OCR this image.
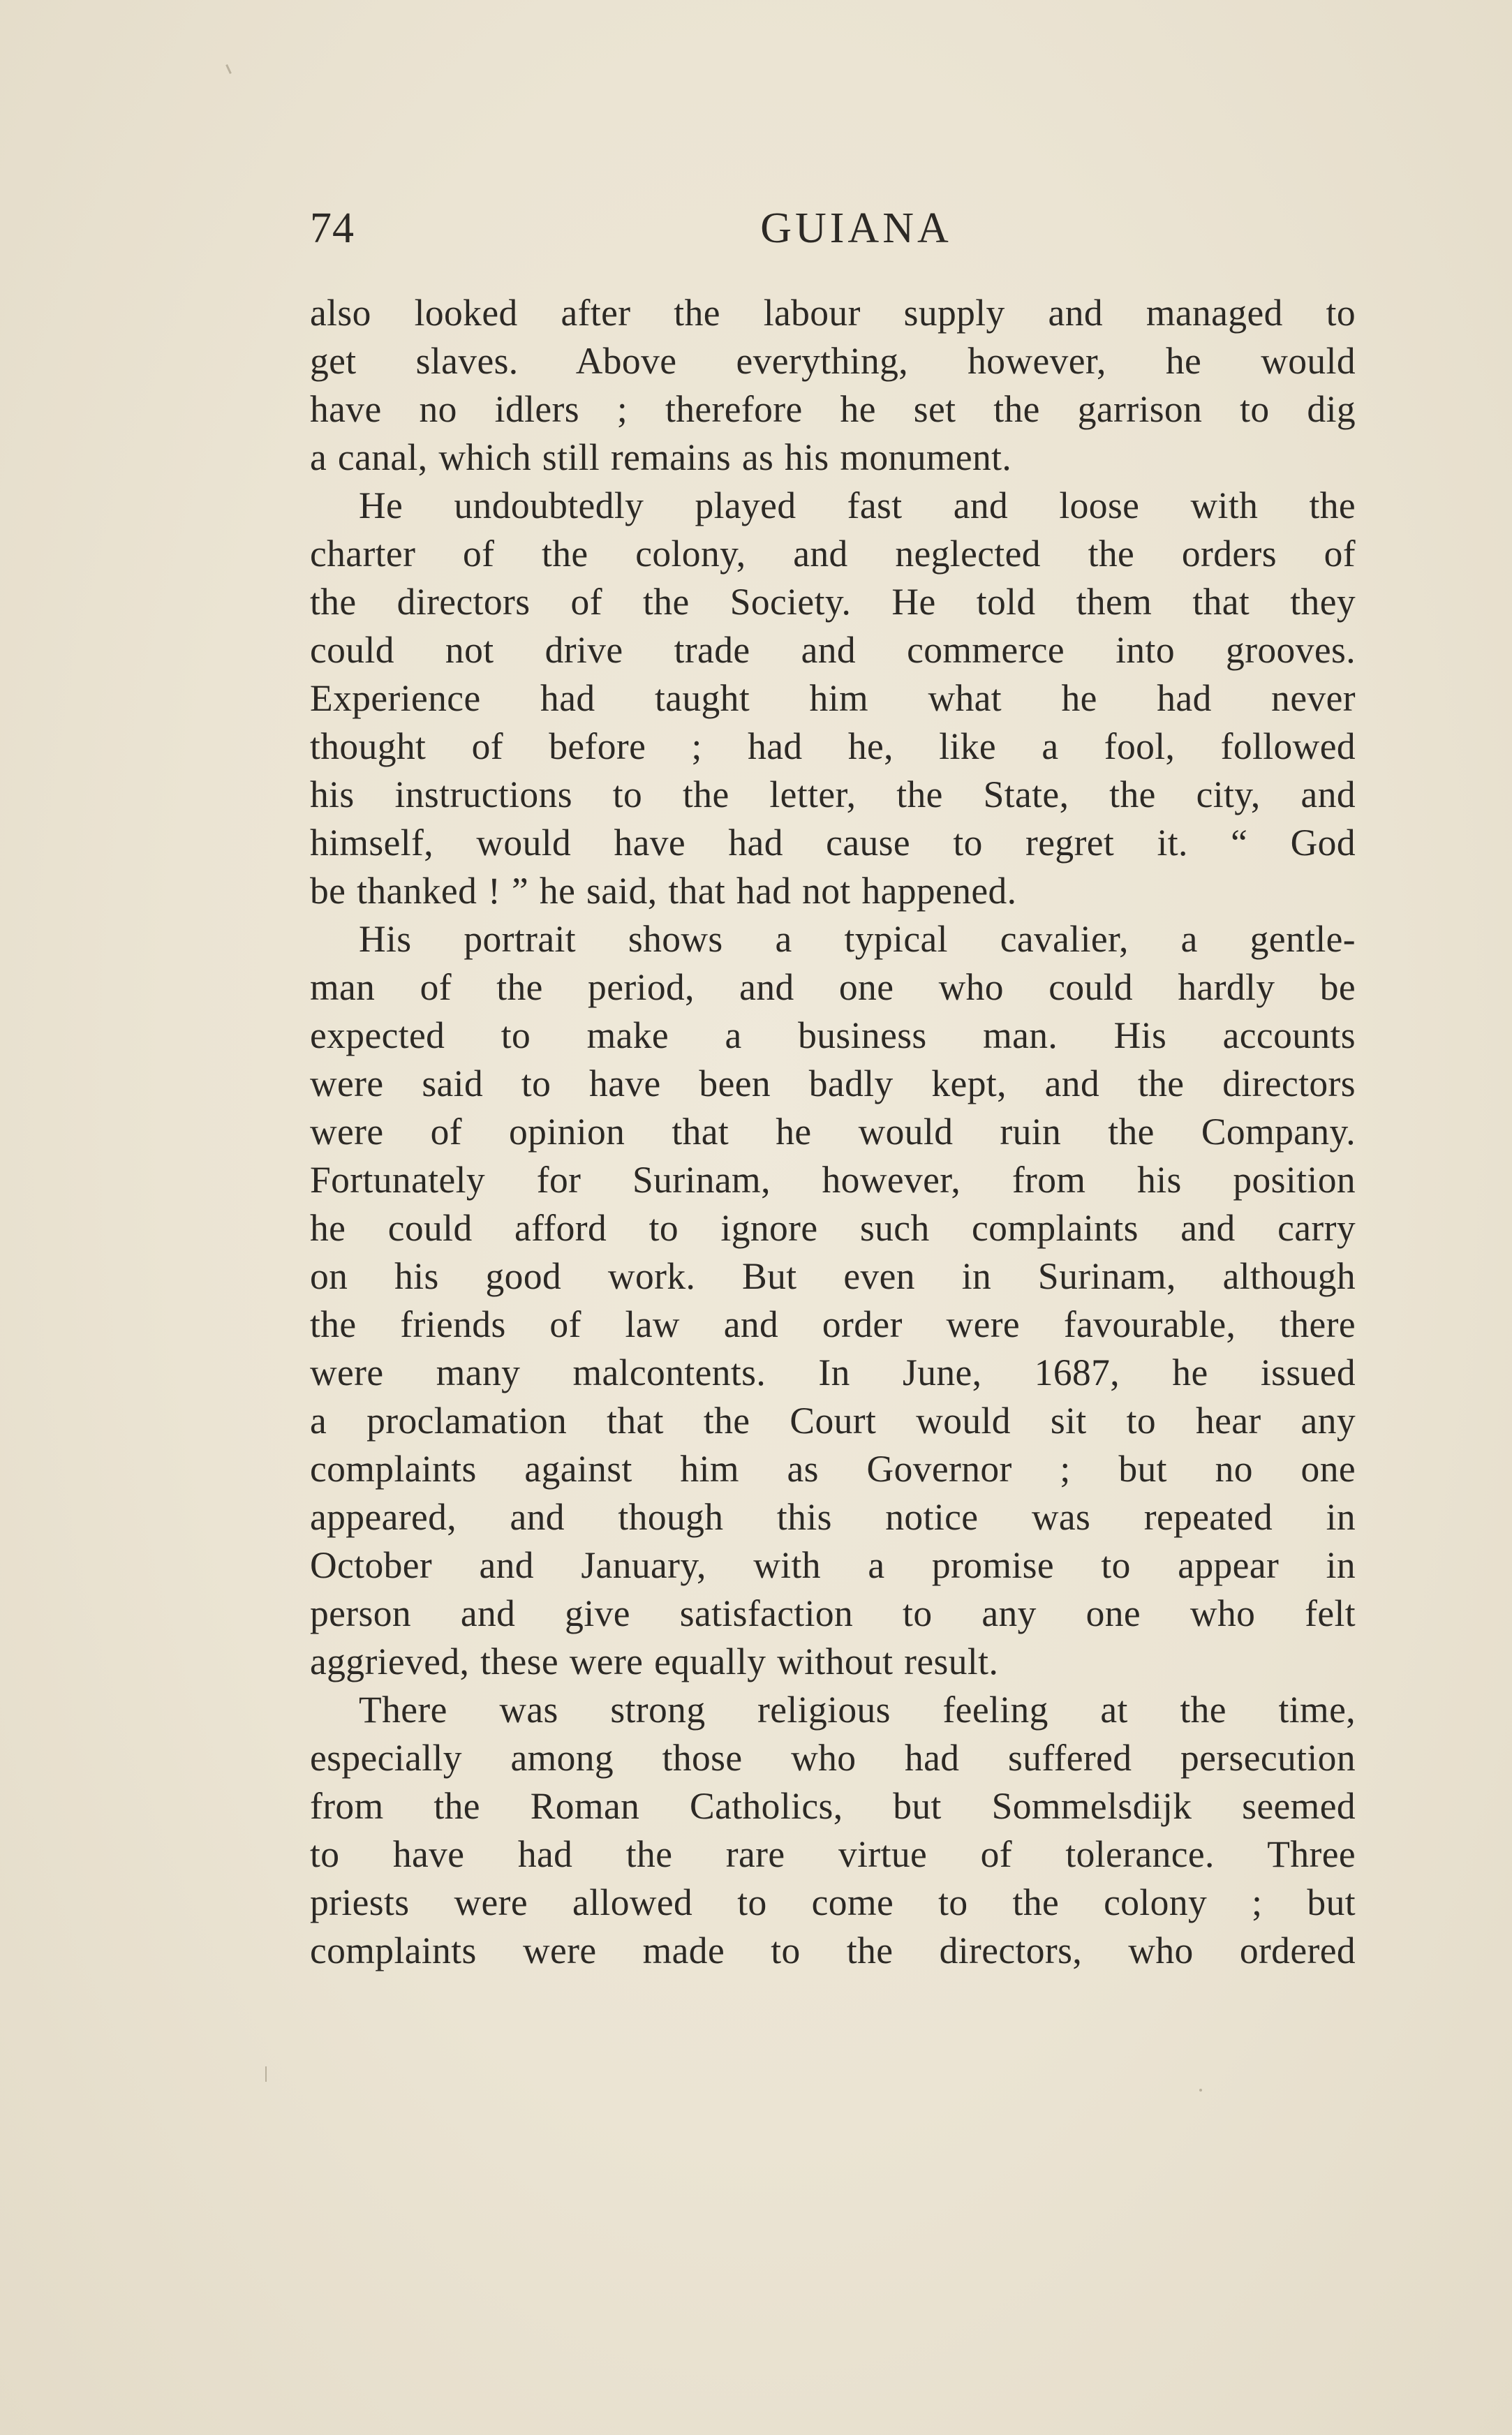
74	GUIANA
also looked after the labour supply and managed to
get slaves. Above everything, however, he would
have no idlers ; therefore he set the garrison to dig
a canal, which still remains as his monument.
He undoubtedly played fast and loose with the
charter of the colony, and neglected the orders of
the directors of the Society. He told them that they
could not drive trade and commerce into grooves.
Experience had taught him what he had never
thought of before ; had he, like a fool, followed
his instructions to the letter, the State, the city, and
himself, would have had cause to regret it. “ God
be thanked ! ” he said, that had not happened.
His portrait shows a typical cavalier, a gentle-
man of the period, and one who could hardly be
expected to make a business man. His accounts
were said to have been badly kept, and the directors
were of opinion that he would ruin the Company.
Fortunately for Surinam, however, from his position
he could afford to ignore such complaints and carry
on his good work. But even in Surinam, although
the friends of law and order were favourable, there
were many malcontents. In June, 1687, he issued
a proclamation that the Court would sit to hear any
complaints against him as Governor ; but no one
appeared, and though this notice was repeated in
October and January, with a promise to appear in
person and give satisfaction to any one who felt
aggrieved, these were equally without result.
There was strong religious feeling at the time,
especially among those who had suffered persecution
from the Roman Catholics, but Sommelsdijk seemed
to have had the rare virtue of tolerance. Three
priests were allowed to come to the colony ; but
complaints were made to the directors, who ordered
